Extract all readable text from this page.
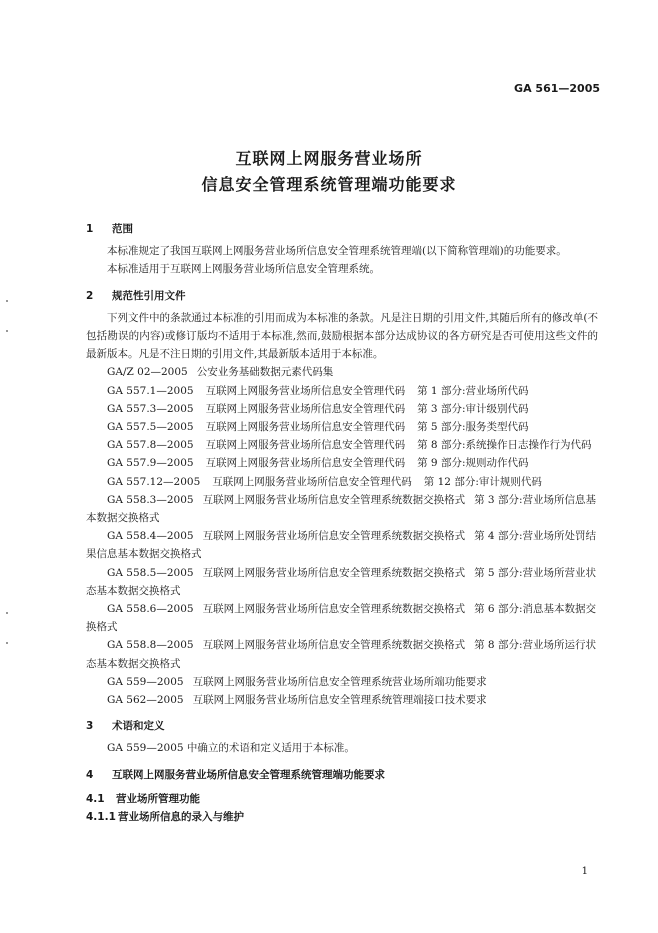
GA 561—2005
互联网上网服务营业场所
信息安全管理系统管理端功能要求
1 范围

本标准规定了我国互联网上网服务营业场所信息安全管理系统管理端(以下简称管理端)的功能要求。

本标准适用于互联网上网服务营业场所信息安全管理系统。

2 规范性引用文件

下列文件中的条款通过本标准的引用而成为本标准的条款。凡是注日期的引用文件,其随后所有的修改单(不包括勘误的内容)或修订版均不适用于本标准,然而,鼓励根据本部分达成协议的各方研究是否可使用这些文件的最新版本。凡是不注日期的引用文件,其最新版本适用于本标准。

GA/Z 02—2005 公安业务基础数据元素代码集

GA 557.1—2005 互联网上网服务营业场所信息安全管理代码 第 1 部分:营业场所代码

GA 557.3—2005 互联网上网服务营业场所信息安全管理代码 第 3 部分:审计级别代码

GA 557.5—2005 互联网上网服务营业场所信息安全管理代码 第 5 部分:服务类型代码

GA 557.8—2005 互联网上网服务营业场所信息安全管理代码 第 8 部分:系统操作日志操作行为代码

GA 557.9—2005 互联网上网服务营业场所信息安全管理代码 第 9 部分:规则动作代码

GA 557.12—2005 互联网上网服务营业场所信息安全管理代码 第 12 部分:审计规则代码

GA 558.3—2005 互联网上网服务营业场所信息安全管理系统数据交换格式 第 3 部分:营业场所信息基本数据交换格式

GA 558.4—2005 互联网上网服务营业场所信息安全管理系统数据交换格式 第 4 部分:营业场所处罚结果信息基本数据交换格式

GA 558.5—2005 互联网上网服务营业场所信息安全管理系统数据交换格式 第 5 部分:营业场所营业状态基本数据交换格式

GA 558.6—2005 互联网上网服务营业场所信息安全管理系统数据交换格式 第 6 部分:消息基本数据交换格式

GA 558.8—2005 互联网上网服务营业场所信息安全管理系统数据交换格式 第 8 部分:营业场所运行状态基本数据交换格式

GA 559—2005 互联网上网服务营业场所信息安全管理系统营业场所端功能要求

GA 562—2005 互联网上网服务营业场所信息安全管理系统管理端接口技术要求

3 术语和定义

GA 559—2005 中确立的术语和定义适用于本标准。

4 互联网上网服务营业场所信息安全管理系统管理端功能要求
4.1 营业场所管理功能
4.1.1 营业场所信息的录入与维护
1
